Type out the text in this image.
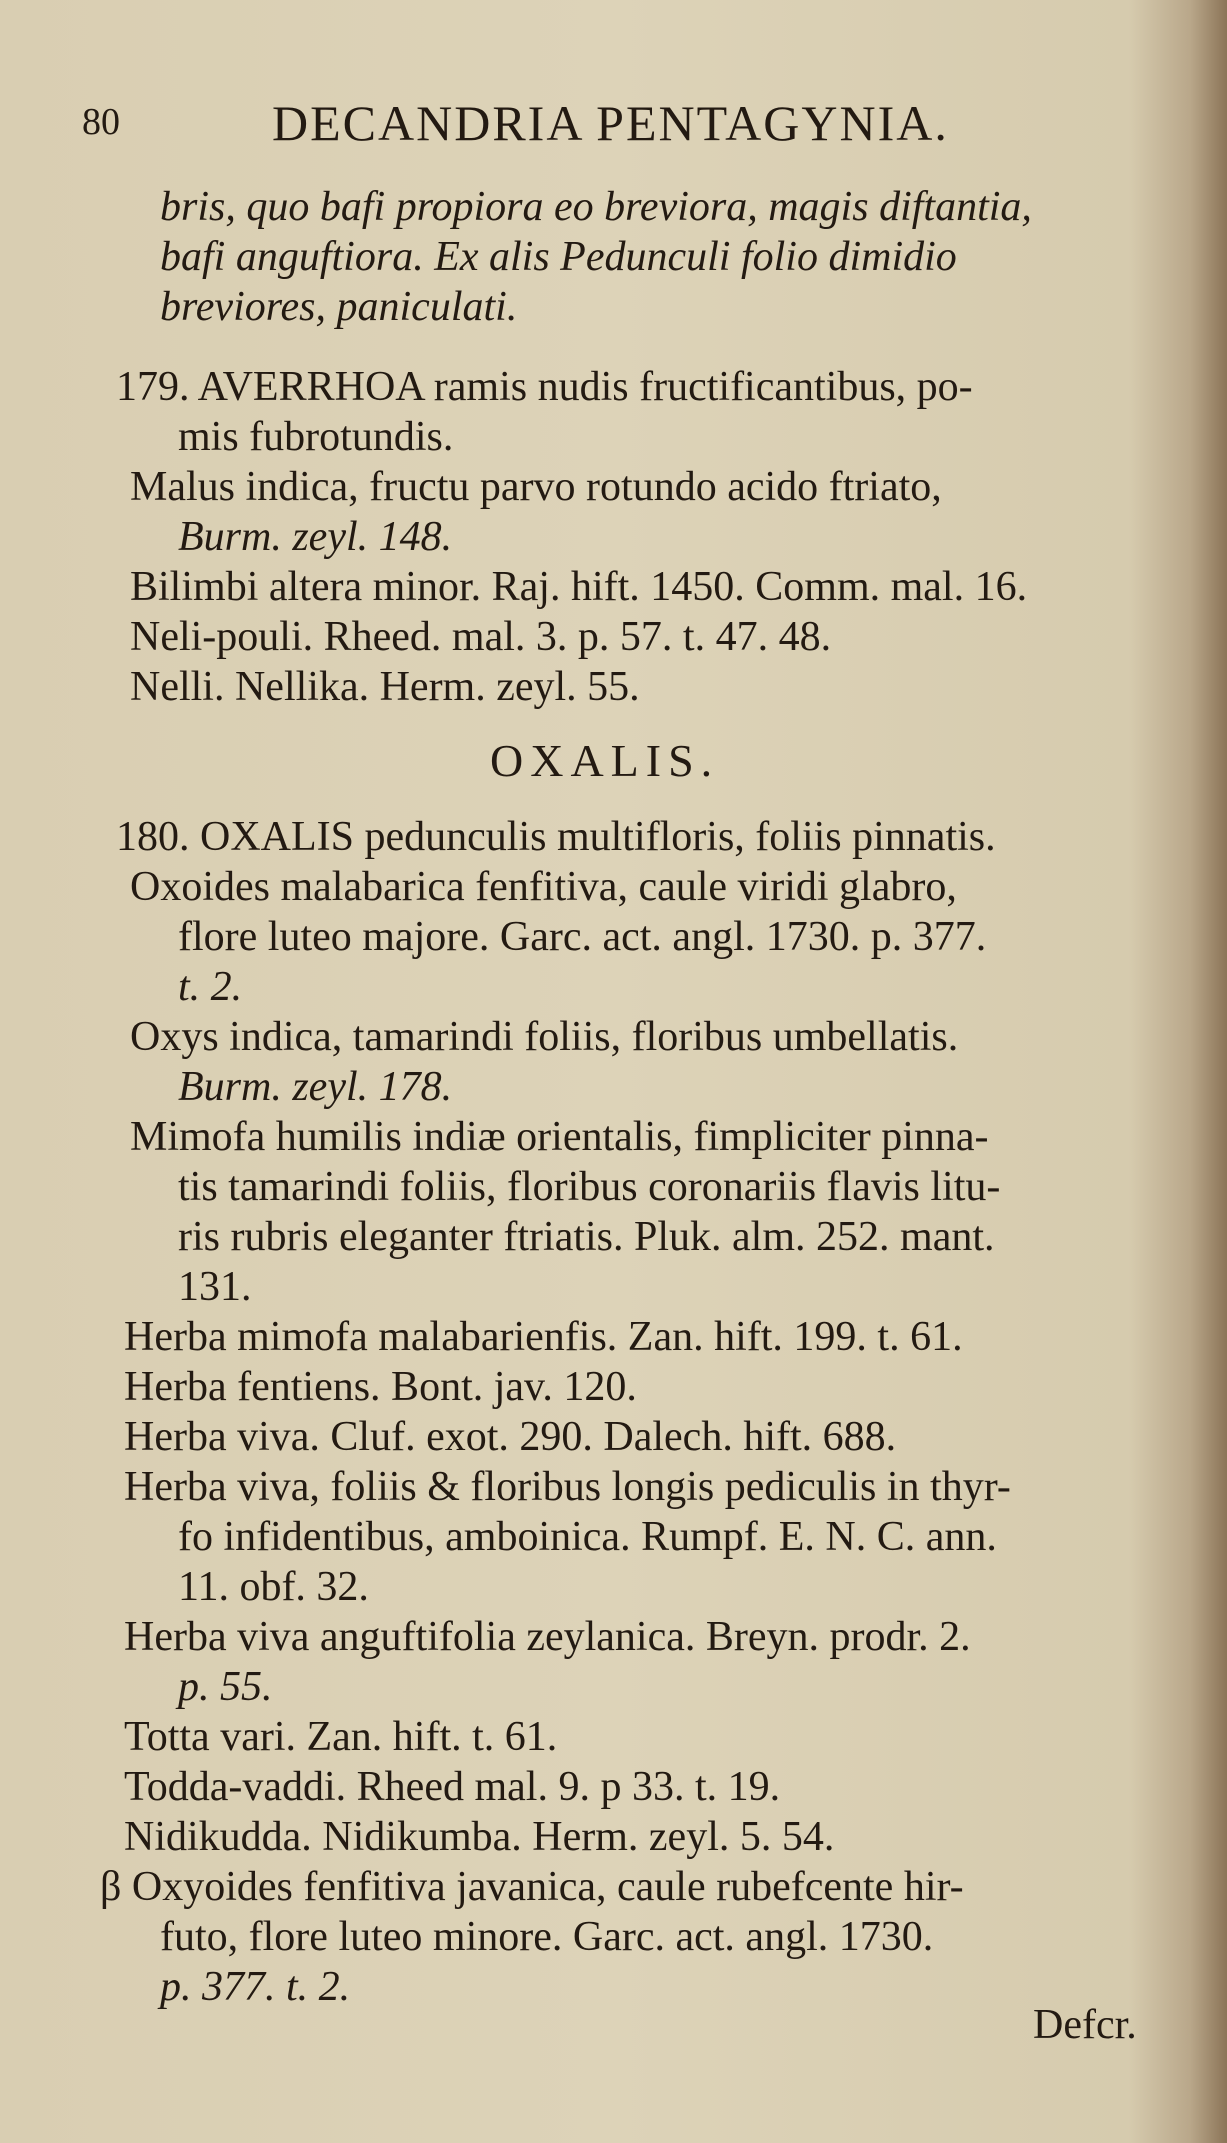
80	DECANDRIA PENTAGYNIA.
bris, quo bafi propiora eo breviora, magis diftantia,
bafi anguftiora. Ex alis Pedunculi folio dimidio
breviores, paniculati.
179. AVERRHOA ramis nudis fructificantibus, po-
mis fubrotundis.
Malus indica, fructu parvo rotundo acido ftriato,
Burm. zeyl. 148.
Bilimbi altera minor. Raj. hift. 1450. Comm. mal. 16.
Neli-pouli. Rheed. mal. 3. p. 57. t. 47. 48.
Nelli. Nellika. Herm. zeyl. 55.
OXALIS.
180. OXALIS pedunculis multifloris, foliis pinnatis.
Oxoides malabarica fenfitiva, caule viridi glabro,
flore luteo majore. Garc. act. angl. 1730. p. 377.
t. 2.
Oxys indica, tamarindi foliis, floribus umbellatis.
Burm. zeyl. 178.
Mimofa humilis indiæ orientalis, fimpliciter pinna-
tis tamarindi foliis, floribus coronariis flavis litu-
ris rubris eleganter ftriatis. Pluk. alm. 252. mant.
131.
Herba mimofa malabarienfis. Zan. hift. 199. t. 61.
Herba fentiens. Bont. jav. 120.
Herba viva. Cluf. exot. 290. Dalech. hift. 688.
Herba viva, foliis & floribus longis pediculis in thyr-
fo infidentibus, amboinica. Rumpf. E. N. C. ann.
11. obf. 32.
Herba viva anguftifolia zeylanica. Breyn. prodr. 2.
p. 55.
Totta vari. Zan. hift. t. 61.
Todda-vaddi. Rheed mal. 9. p 33. t. 19.
Nidikudda. Nidikumba. Herm. zeyl. 5. 54.
β Oxyoides fenfitiva javanica, caule rubefcente hir-
futo, flore luteo minore. Garc. act. angl. 1730.
p. 377. t. 2.
Defcr.
